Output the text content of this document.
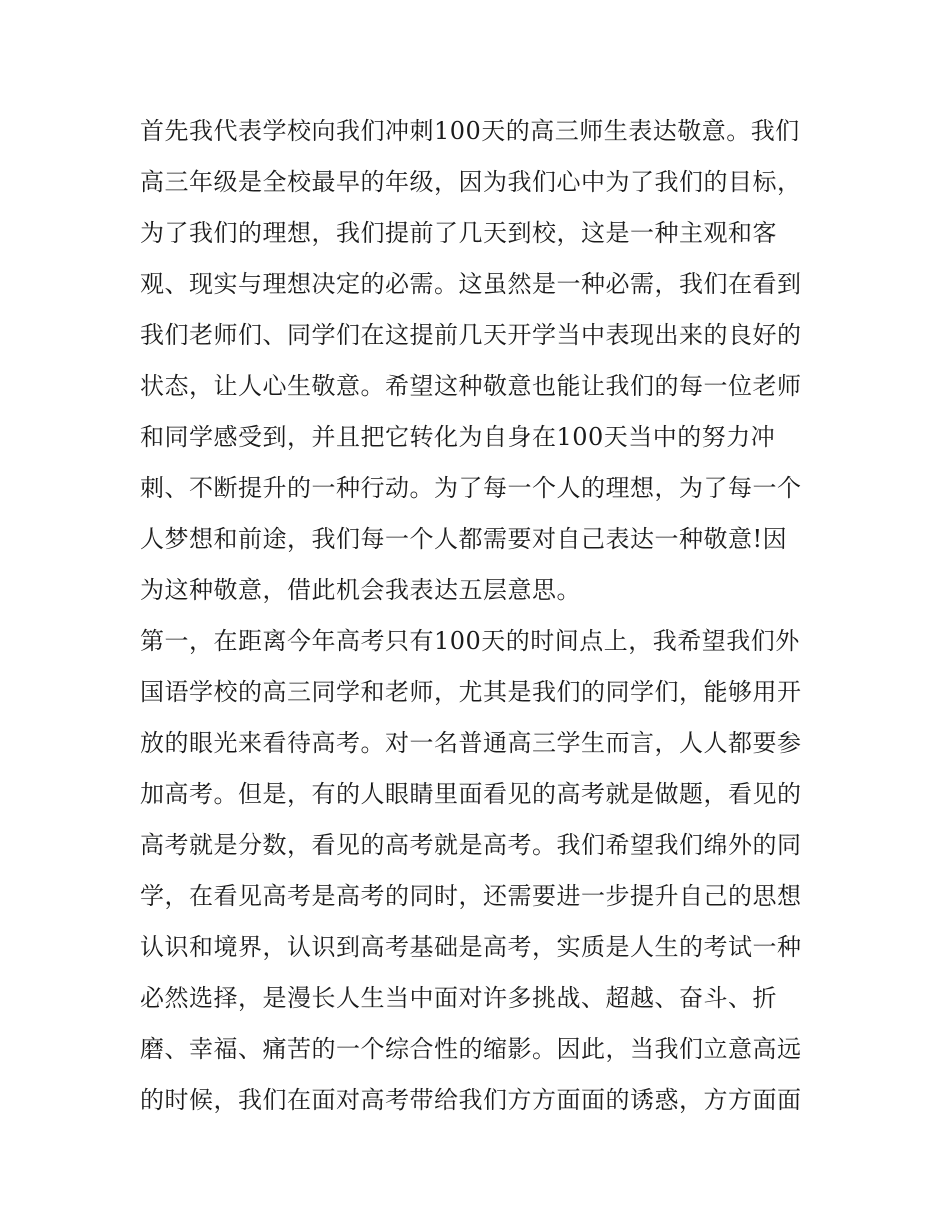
首先我代表学校向我们冲刺100天的高三师生表达敬意。我们
高三年级是全校最早的年级，因为我们心中为了我们的目标，
为了我们的理想，我们提前了几天到校，这是一种主观和客
观、现实与理想决定的必需。这虽然是一种必需，我们在看到
我们老师们、同学们在这提前几天开学当中表现出来的良好的
状态，让人心生敬意。希望这种敬意也能让我们的每一位老师
和同学感受到，并且把它转化为自身在100天当中的努力冲
刺、不断提升的一种行动。为了每一个人的理想，为了每一个
人梦想和前途，我们每一个人都需要对自己表达一种敬意!因
为这种敬意，借此机会我表达五层意思。
第一，在距离今年高考只有100天的时间点上，我希望我们外
国语学校的高三同学和老师，尤其是我们的同学们，能够用开
放的眼光来看待高考。对一名普通高三学生而言，人人都要参
加高考。但是，有的人眼睛里面看见的高考就是做题，看见的
高考就是分数，看见的高考就是高考。我们希望我们绵外的同
学，在看见高考是高考的同时，还需要进一步提升自己的思想
认识和境界，认识到高考基础是高考，实质是人生的考试一种
必然选择，是漫长人生当中面对许多挑战、超越、奋斗、折
磨、幸福、痛苦的一个综合性的缩影。因此，当我们立意高远
的时候，我们在面对高考带给我们方方面面的诱惑，方方面面
